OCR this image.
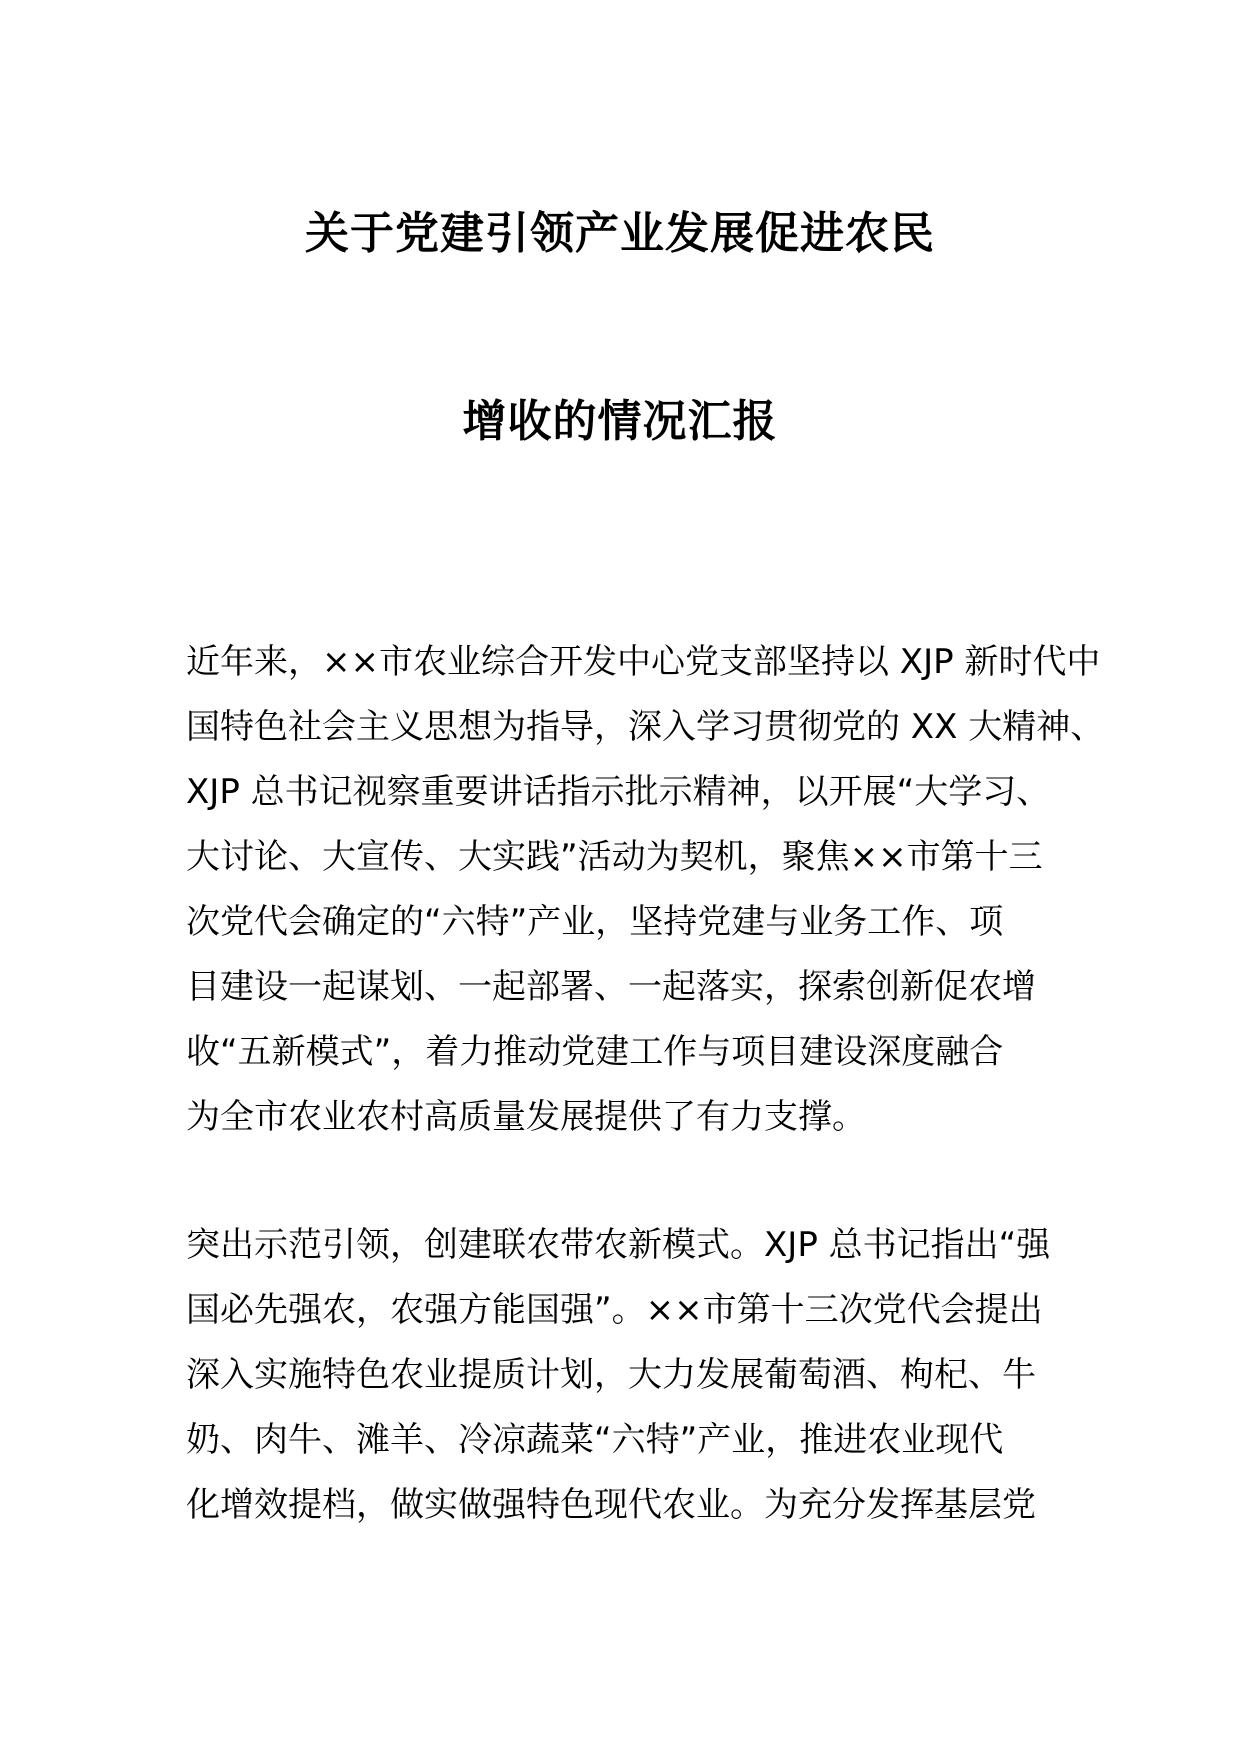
关于党建引领产业发展促进农民
增收的情况汇报
近年来，××市农业综合开发中心党支部坚持以 XJP 新时代中
国特色社会主义思想为指导，深入学习贯彻党的 XX 大精神、
XJP 总书记视察重要讲话指示批示精神，以开展“大学习、
大讨论、大宣传、大实践”活动为契机，聚焦××市第十三
次党代会确定的“六特”产业，坚持党建与业务工作、项
目建设一起谋划、一起部署、一起落实，探索创新促农增
收“五新模式”，着力推动党建工作与项目建设深度融合
为全市农业农村高质量发展提供了有力支撑。
突出示范引领，创建联农带农新模式。XJP 总书记指出“强
国必先强农，农强方能国强”。××市第十三次党代会提出
深入实施特色农业提质计划，大力发展葡萄酒、枸杞、牛
奶、肉牛、滩羊、冷凉蔬菜“六特”产业，推进农业现代
化增效提档，做实做强特色现代农业。为充分发挥基层党
